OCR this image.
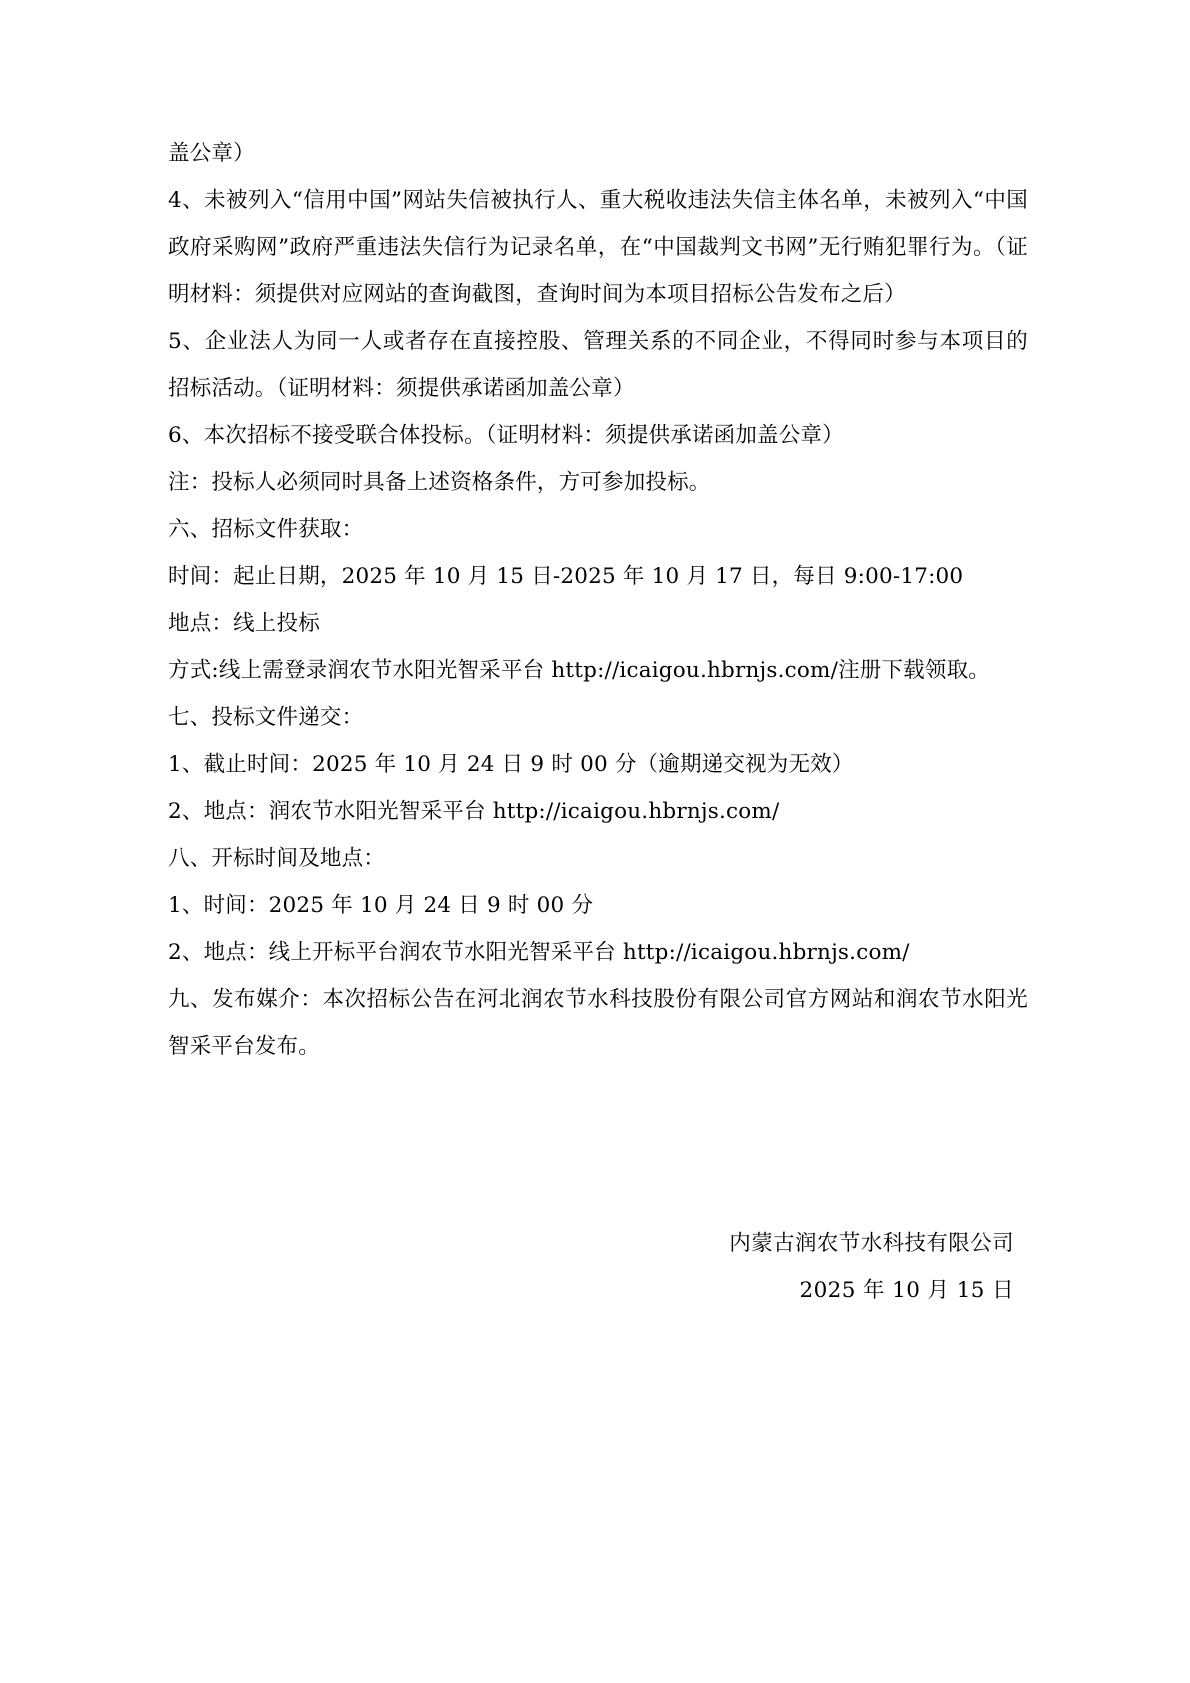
盖公章）

4、未被列入“信用中国”网站失信被执行人、重大税收违法失信主体名单，未被列入“中国政府采购网”政府严重违法失信行为记录名单，在“中国裁判文书网”无行贿犯罪行为。（证明材料：须提供对应网站的查询截图，查询时间为本项目招标公告发布之后）

5、企业法人为同一人或者存在直接控股、管理关系的不同企业，不得同时参与本项目的招标活动。（证明材料：须提供承诺函加盖公章）

6、本次招标不接受联合体投标。（证明材料：须提供承诺函加盖公章）

注：投标人必须同时具备上述资格条件，方可参加投标。

六、招标文件获取：

时间：起止日期，2025 年 10 月 15 日-2025 年 10 月 17 日，每日 9:00-17:00

地点：线上投标

方式:线上需登录润农节水阳光智采平台 http://icaigou.hbrnjs.com/注册下载领取。

七、投标文件递交：

1、截止时间：2025 年 10 月 24 日 9 时 00 分（逾期递交视为无效）

2、地点：润农节水阳光智采平台 http://icaigou.hbrnjs.com/

八、开标时间及地点：

1、时间：2025 年 10 月 24 日 9 时 00 分

2、地点：线上开标平台润农节水阳光智采平台 http://icaigou.hbrnjs.com/

九、发布媒介：本次招标公告在河北润农节水科技股份有限公司官方网站和润农节水阳光智采平台发布。

内蒙古润农节水科技有限公司

2025 年 10 月 15 日
